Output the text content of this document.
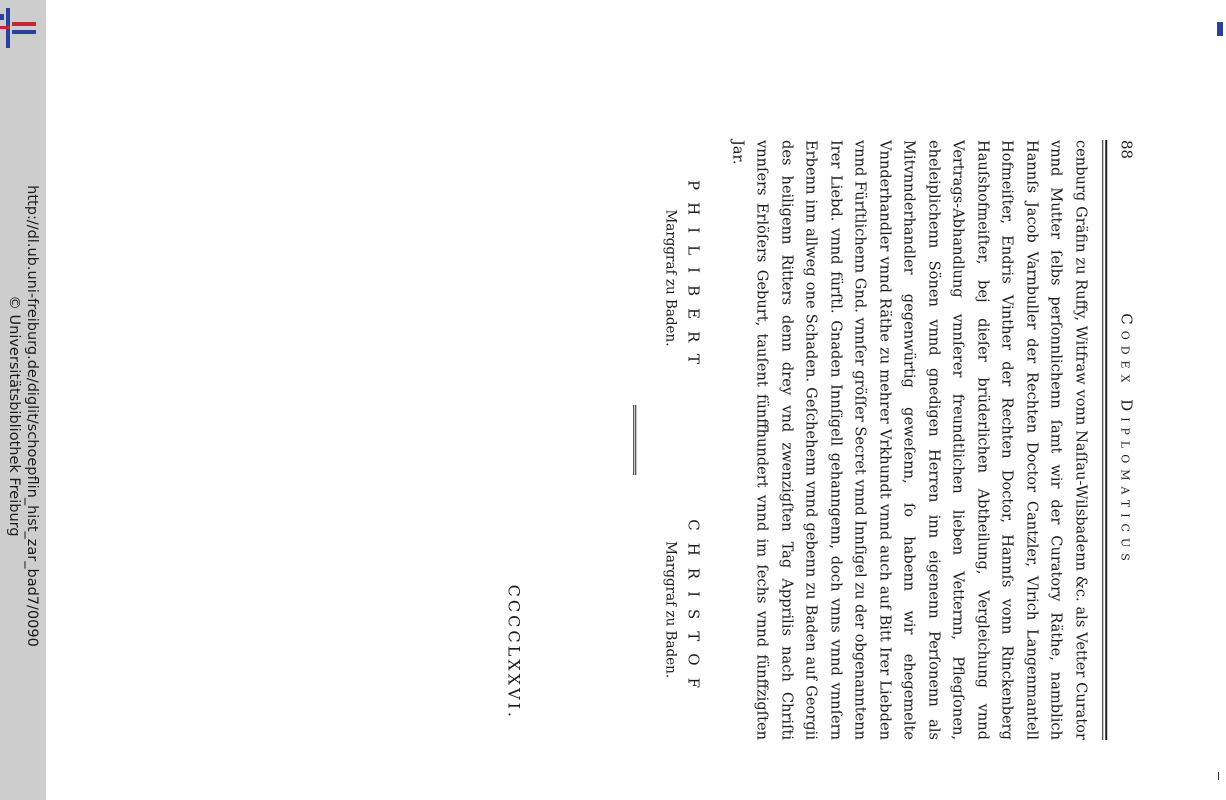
http://dl.ub.uni-freiburg.de/diglit/schoepflin_hist_zar_bad7/0090
© Universitätsbibliothek Freiburg
88
Codex Diplomaticus

cenburg Gräfin zu Ruffy, Witfraw vonn Naſſau-Wilsbadenn &c. als Vetter Curator vnnd Mutter ſelbs perſonnlichenn ſamt wir der Curatory Räthe, namblich Hannſs Jacob Varnbuller der Rechten Doctor Cantzler, Vlrich Langenmantell Hofmeiſter, Endris Vinther der Rechten Doctor, Hannſs vonn Rinckenberg Hauſshofmeiſter, bej dieſer brüderlichen Abtheilung, Vergleichung vnnd Vertrags-Abhandlung vnnſerer freundtlichen lieben Vetternn, Pflegſonen, eheleiplichenn Sönen vnnd gnedigen Herren inn eigenenn Perſonenn als Mitvnnderhandler gegenwürtig geweſenn, ſo habenn wir ehegemelte Vnnderhandler vnnd Räthe zu mehrer Vrkhundt vnnd auch auf Bitt Irer Liebden vnnd Fürſtlichenn Gnd. vnnſer gröſſer Secret vnnd Innſigel zu der obgenanntenn Irer Liebd. vnnd fürſtl. Gnaden Innſigell gehanngenn, doch vnns vnnd vnnſern Erbenn inn allweg one Schaden. Geſchehenn vnnd gebenn zu Baden auf Georgii des heiligenn Ritters denn drey vnd zwenzigſten Tag Apprilis nach Chriſti vnnſers Erlöſers Geburt, tauſent fünffhundert vnnd im ſechs vnnd fünffzigſten Jar.

PHILIBERT
Marggraf zu Baden.
CHRISTOF
Marggraf zu Baden.
CCCCLXXVI.
